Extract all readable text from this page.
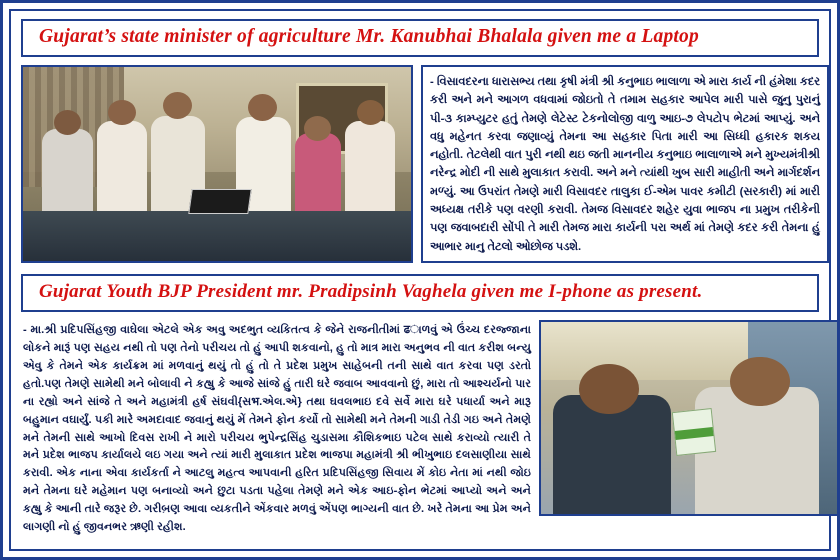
Gujarat’s state minister of agriculture Mr. Kanubhai Bhalala given me a Laptop
- વિસાવદરના ધારાસભ્ય તથા કૃષી મંત્રી શ્રી કનુભાઇ ભાલાળા એ મારા કાર્ય ની હંમેશા કદર કરી અને મને આગળ વધવામાં જોઇતો તે તમામ સહકાર આપેલ મારી પાસે જુનુ પુરાનું પી-૩ કામ્પ્યુટર હતું તેમણે લેટેસ્ટ ટેકનોલોજી વાળુ આઇ-૭ લેપટોપ ભેટમાં આપ્યું. અને વધુ મહેનત કરવા જણાવ્યું તેમના આ સહકાર પિતા મારી આ સિધ્ધી હકારક શકય નહોતી. તેટલેથી વાત પુરી નથી થઇ જતી માનનીય કનુભાઇ ભાલાળાએ મને મુખ્યમંત્રીશ્રી નરેન્દ્ર મોદી ની સાથે મુલાકાત કરાવી. અને મને ત્યાંથી ખુબ સારી માહીતી અને માર્ગદર્શન મળ્યું. આ ઉપરાંત તેમણે મારી વિસાવદર તાલુકા ઈ-એમ પાવર કમીટી (સરકારી) માં મારી અધ્યક્ષ તરીકે પણ વરણી કરાવી. તેમજ વિસાવદર શહેર યુવા ભાજપ ના પ્રમુખ તરીકેની પણ જવાબદારી સોંપી તે મારી તેમજ મારા કાર્યની પરા અર્થ માં તેમણે કદર કરી તેમના હું આભાર માનુ તેટલો ઓછોજ પડશે.
Gujarat Youth BJP President mr. Pradipsinh Vaghela given me I-phone as present.
- મા.શ્રી પ્રદિપસિંહજી વાઘેલા એટલે એક અવુ અદભુત વ્યકિતત્વ કે જેને રાજનીતીમાં ढાળવું એ ઉંચ્ચ દરજ્જાના લોકને મારૂં પણ સહય નથી તો પણ તેનો પરીચય તો હું આપી શકવાનો, હુ તો માત્ર મારા અનુભવ ની વાત કરીશ બન્યુ એવુ કે તેમને એક કાર્યક્રમ માં મળવાનું થયું તો હું તો તે પ્રદેશ પ્રમુખ સાહેબની તની સાથે વાત કરવા પણ ડરતો હતો.પણ તેમણે સામેથી મને બોલાવી ને કહ્યુ કે આજે સાંજે હું તારી ઘરે જવાબ આવવાનો છું, મારા તો આશ્ચર્યનો પાર ના રહ્યો અને સાંજે તે અને મહામંત્રી હર્ષ સંઘવી{સभ.એલ.એ} તથા ઘવલભાઇ દવે સર્વે મારા ઘરે પધાર્યા અને મારૂ બહુમાન વઘાર્યું. પકી મારે અમદાવાદ જવાનું થયું મેં તેમને ફોન કર્યો તો સામેથી મને તેમની ગાડી તેડી ગઇ અને તેમણે મને તેમની સાથે આખો દિવસ રાખી ને મારો પરીચય ભુપેન્દ્રસિંહ ચુડાસમા કૌશિકભાઇ પટેલ સાથે કરાવ્યો ત્યારી તે મને પ્રદેશ ભાજપ કાર્યાલયે લઇ ગયા અને ત્યાં મારી મુલાકાત પ્રદેશ ભાજપા મહામંત્રી શ્રી ભીખુભાઇ દલસાણીયા સાથે કરાવી. એક નાના એવા કાર્યકર્તા ને આટલુ મહત્વ આપવાની હરિત પ્રદિપસિંહજી સિવાય મેં કોઇ નેતા માં નથી જોઇ મને તેમના ઘરે મહેમાન પણ બનાવ્યો અને છુટા પડતા પહેલા તેમણે મને એક આઇ-ફોન ભેટમાં આપ્યો અને અને કહ્યુ કે આની તારે જરૂર છે. ગરીબ઼ણ આવા વ્યકતીને એંકવાર મળવું એંપણ ભાગ્યની વાત છે. ખરે તેમના આ પ્રેમ અને લાગણી નો હું જીવનભર ઋણી રહીશ.
